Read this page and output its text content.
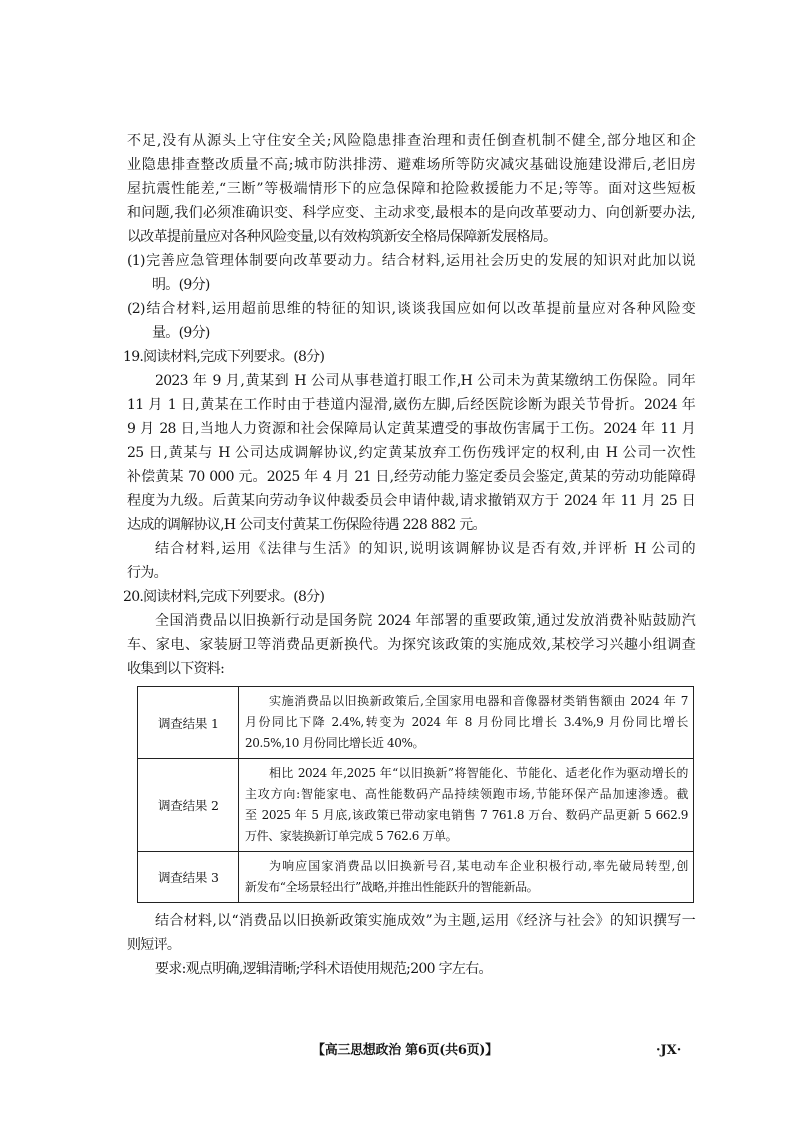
不足,没有从源头上守住安全关;风险隐患排查治理和责任倒查机制不健全,部分地区和企

业隐患排查整改质量不高;城市防洪排涝、避难场所等防灾减灾基础设施建设滞后,老旧房

屋抗震性能差,“三断”等极端情形下的应急保障和抢险救援能力不足;等等。面对这些短板

和问题,我们必须准确识变、科学应变、主动求变,最根本的是向改革要动力、向创新要办法,

以改革提前量应对各种风险变量,以有效构筑新安全格局保障新发展格局。

(1)完善应急管理体制要向改革要动力。结合材料,运用社会历史的发展的知识对此加以说

明。(9分)

(2)结合材料,运用超前思维的特征的知识,谈谈我国应如何以改革提前量应对各种风险变

量。(9分)

19.阅读材料,完成下列要求。(8分)

2023 年 9 月,黄某到 H 公司从事巷道打眼工作,H 公司未为黄某缴纳工伤保险。同年

11 月 1 日,黄某在工作时由于巷道内湿滑,崴伤左脚,后经医院诊断为跟关节骨折。2024 年

9 月 28 日,当地人力资源和社会保障局认定黄某遭受的事故伤害属于工伤。2024 年 11 月

25 日,黄某与 H 公司达成调解协议,约定黄某放弃工伤伤残评定的权利,由 H 公司一次性

补偿黄某 70 000 元。2025 年 4 月 21 日,经劳动能力鉴定委员会鉴定,黄某的劳动功能障碍

程度为九级。后黄某向劳动争议仲裁委员会申请仲裁,请求撤销双方于 2024 年 11 月 25 日

达成的调解协议,H 公司支付黄某工伤保险待遇 228 882 元。

结合材料,运用《法律与生活》的知识,说明该调解协议是否有效,并评析 H 公司的

行为。

20.阅读材料,完成下列要求。(8分)

全国消费品以旧换新行动是国务院 2024 年部署的重要政策,通过发放消费补贴鼓励汽

车、家电、家装厨卫等消费品更新换代。为探究该政策的实施成效,某校学习兴趣小组调查

收集到以下资料:

调查结果 1	实施消费品以旧换新政策后,全国家用电器和音像器材类销售额由 2024 年 7
月份同比下降 2.4%,转变为 2024 年 8 月份同比增长 3.4%,9 月份同比增长
20.5%,10 月份同比增长近 40%。

调查结果 2	相比 2024 年,2025 年“以旧换新”将智能化、节能化、适老化作为驱动增长的
主攻方向:智能家电、高性能数码产品持续领跑市场,节能环保产品加速渗透。截
至 2025 年 5 月底,该政策已带动家电销售 7 761.8 万台、数码产品更新 5 662.9
万件、家装换新订单完成 5 762.6 万单。

调查结果 3	为响应国家消费品以旧换新号召,某电动车企业积极行动,率先破局转型,创
新发布“全场景轻出行”战略,并推出性能跃升的智能新品。

结合材料,以“消费品以旧换新政策实施成效”为主题,运用《经济与社会》的知识撰写一

则短评。

要求:观点明确,逻辑清晰;学科术语使用规范;200 字左右。

【高三思想政治 第6页(共6页)】	·JX·
